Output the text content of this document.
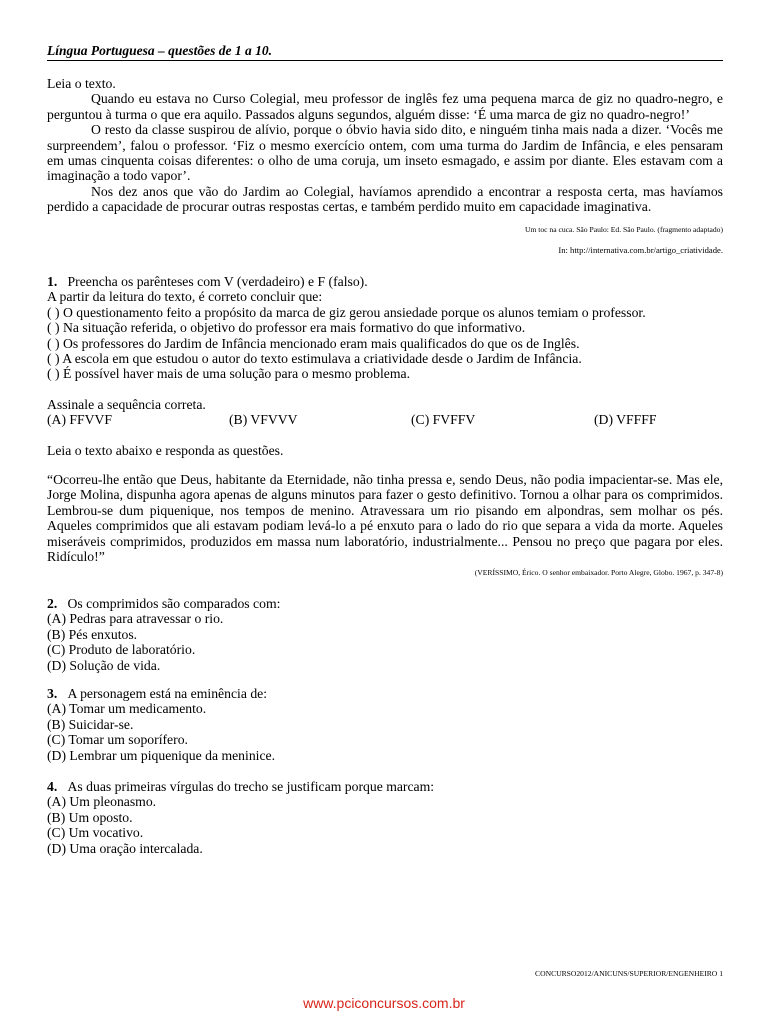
Língua Portuguesa – questões de 1 a 10.

Leia o texto.

Quando eu estava no Curso Colegial, meu professor de inglês fez uma pequena marca de giz no quadro-negro, e perguntou à turma o que era aquilo. Passados alguns segundos, alguém disse: ‘É uma marca de giz no quadro-negro!’

O resto da classe suspirou de alívio, porque o óbvio havia sido dito, e ninguém tinha mais nada a dizer. ‘Vocês me surpreendem’, falou o professor. ‘Fiz o mesmo exercício ontem, com uma turma do Jardim de Infância, e eles pensaram em umas cinquenta coisas diferentes: o olho de uma coruja, um inseto esmagado, e assim por diante. Eles estavam com a imaginação a todo vapor’.

Nos dez anos que vão do Jardim ao Colegial, havíamos aprendido a encontrar a resposta certa, mas havíamos perdido a capacidade de procurar outras respostas certas, e também perdido muito em capacidade imaginativa.

Um toc na cuca. São Paulo: Ed. São Paulo. (fragmento adaptado)

In: http://internativa.com.br/artigo_criatividade.

1. Preencha os parênteses com V (verdadeiro) e F (falso).

A partir da leitura do texto, é correto concluir que:

( ) O questionamento feito a propósito da marca de giz gerou ansiedade porque os alunos temiam o professor.

( ) Na situação referida, o objetivo do professor era mais formativo do que informativo.

( ) Os professores do Jardim de Infância mencionado eram mais qualificados do que os de Inglês.

( ) A escola em que estudou o autor do texto estimulava a criatividade desde o Jardim de Infância.

( ) É possível haver mais de uma solução para o mesmo problema.

Assinale a sequência correta.

(A) FFVVF	(B) VFVVV	(C) FVFFV	(D) VFFFF
Leia o texto abaixo e responda as questões.

“Ocorreu-lhe então que Deus, habitante da Eternidade, não tinha pressa e, sendo Deus, não podia impacientar-se. Mas ele, Jorge Molina, dispunha agora apenas de alguns minutos para fazer o gesto definitivo. Tornou a olhar para os comprimidos. Lembrou-se dum piquenique, nos tempos de menino. Atravessara um rio pisando em alpondras, sem molhar os pés. Aqueles comprimidos que ali estavam podiam levá-lo a pé enxuto para o lado do rio que separa a vida da morte. Aqueles miseráveis comprimidos, produzidos em massa num laboratório, industrialmente... Pensou no preço que pagara por eles. Ridículo!”

(VERÍSSIMO, Érico. O senhor embaixador. Porto Alegre, Globo. 1967, p. 347-8)

2. Os comprimidos são comparados com:

(A) Pedras para atravessar o rio.

(B) Pés enxutos.

(C) Produto de laboratório.

(D) Solução de vida.

3. A personagem está na eminência de:

(A) Tomar um medicamento.

(B) Suicidar-se.

(C) Tomar um soporífero.

(D) Lembrar um piquenique da meninice.

4. As duas primeiras vírgulas do trecho se justificam porque marcam:

(A) Um pleonasmo.

(B) Um oposto.

(C) Um vocativo.

(D) Uma oração intercalada.

CONCURSO2012/ANICUNS/SUPERIOR/ENGENHEIRO 1
www.pciconcursos.com.br
